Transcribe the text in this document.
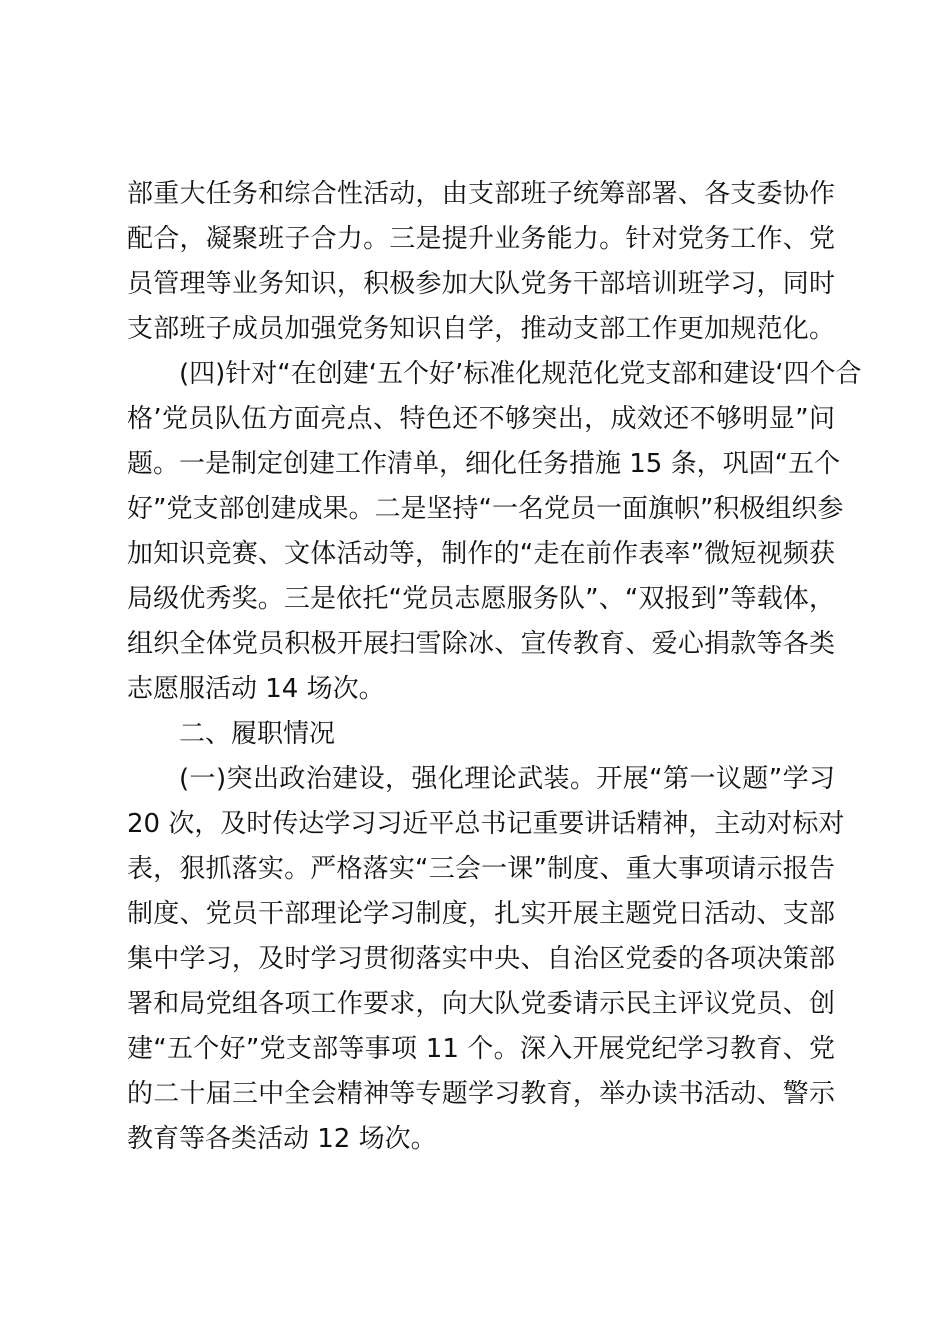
部重大任务和综合性活动，由支部班子统筹部署、各支委协作
配合，凝聚班子合力。三是提升业务能力。针对党务工作、党
员管理等业务知识，积极参加大队党务干部培训班学习，同时
支部班子成员加强党务知识自学，推动支部工作更加规范化。
(四)针对“在创建‘五个好’标准化规范化党支部和建设‘四个合
格’党员队伍方面亮点、特色还不够突出，成效还不够明显”问
题。一是制定创建工作清单，细化任务措施 15 条，巩固“五个
好”党支部创建成果。二是坚持“一名党员一面旗帜”积极组织参
加知识竞赛、文体活动等，制作的“走在前作表率”微短视频获
局级优秀奖。三是依托“党员志愿服务队”、“双报到”等载体，
组织全体党员积极开展扫雪除冰、宣传教育、爱心捐款等各类
志愿服活动 14 场次。
二、履职情况
(一)突出政治建设，强化理论武装。开展“第一议题”学习
20 次，及时传达学习习近平总书记重要讲话精神，主动对标对
表，狠抓落实。严格落实“三会一课”制度、重大事项请示报告
制度、党员干部理论学习制度，扎实开展主题党日活动、支部
集中学习，及时学习贯彻落实中央、自治区党委的各项决策部
署和局党组各项工作要求，向大队党委请示民主评议党员、创
建“五个好”党支部等事项 11 个。深入开展党纪学习教育、党
的二十届三中全会精神等专题学习教育，举办读书活动、警示
教育等各类活动 12 场次。
